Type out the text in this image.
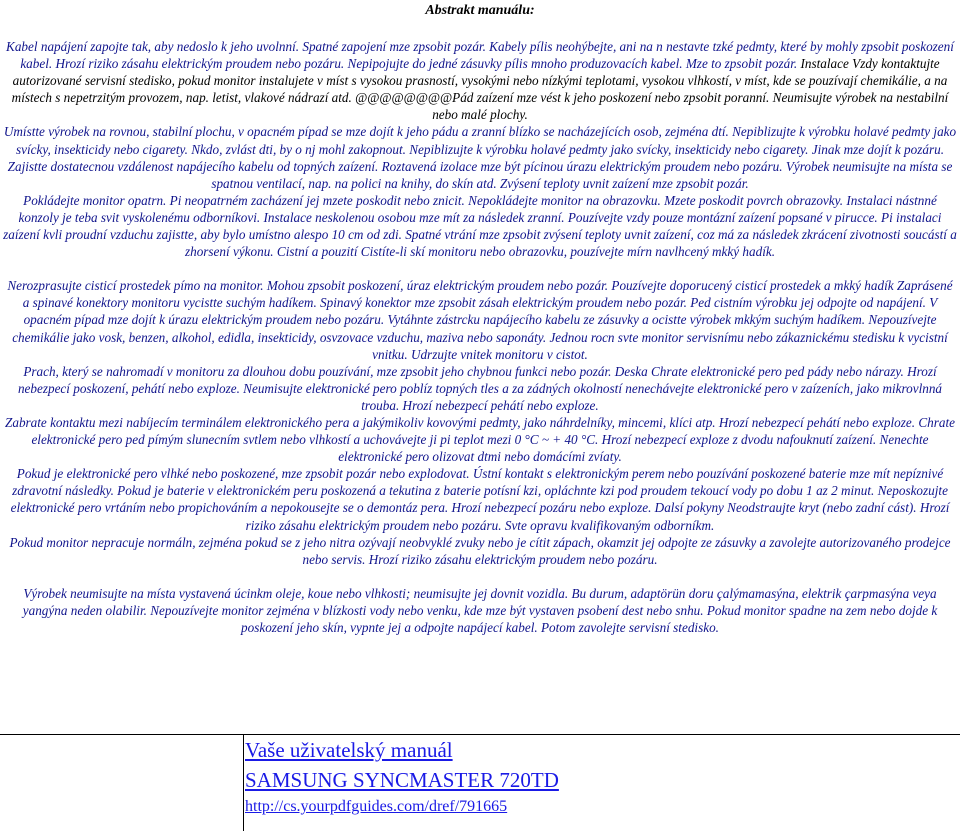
Abstrakt manuálu:

Kabel napájení zapojte tak, aby nedoslo k jeho uvolnní. Spatné zapojení mze zpsobit pozár. Kabely pílis neohýbejte, ani na n nestavte tzké pedmty, které by mohly zpsobit poskození kabel. Hrozí riziko zásahu elektrickým proudem nebo pozáru. Nepipojujte do jedné zásuvky pílis mnoho produzovacích kabel. Mze to zpsobit pozár. Instalace Vzdy kontaktujte autorizované servisní stedisko, pokud monitor instalujete v míst s vysokou prasností, vysokými nebo nízkými teplotami, vysokou vlhkostí, v míst, kde se pouzívají chemikálie, a na místech s nepetrzitým provozem, nap. letist, vlakové nádrazí atd. @@@@@@@@Pád zaízení mze vést k jeho poskození nebo zpsobit poranní. Neumisujte výrobek na nestabilní nebo malé plochy.

Umístte výrobek na rovnou, stabilní plochu, v opacném pípad se mze dojít k jeho pádu a zranní blízko se nacházejících osob, zejména dtí. Nepiblizujte k výrobku holavé pedmty jako svícky, insekticidy nebo cigarety. Nkdo, zvlást dti, by o nj mohl zakopnout. Nepiblizujte k výrobku holavé pedmty jako svícky, insekticidy nebo cigarety. Jinak mze dojít k pozáru.

Zajistte dostatecnou vzdálenost napájecího kabelu od topných zaízení. Roztavená izolace mze být pícinou úrazu elektrickým proudem nebo pozáru. Výrobek neumisujte na místa se spatnou ventilací, nap. na polici na knihy, do skín atd. Zvýsení teploty uvnit zaízení mze zpsobit pozár.

Pokládejte monitor opatrn. Pi neopatrném zacházení jej mzete poskodit nebo znicit. Nepokládejte monitor na obrazovku. Mzete poskodit povrch obrazovky. Instalaci nástnné konzoly je teba svit vyskolenému odborníkovi. Instalace neskolenou osobou mze mít za následek zranní. Pouzívejte vzdy pouze montázní zaízení popsané v pirucce. Pi instalaci zaízení kvli proudní vzduchu zajistte, aby bylo umístno alespo 10 cm od zdi. Spatné vtrání mze zpsobit zvýsení teploty uvnit zaízení, coz má za následek zkrácení zivotnosti soucástí a zhorsení výkonu. Cistní a pouzití Cistíte-li skí monitoru nebo obrazovku, pouzívejte mírn navlhcený mkký hadík.

Nerozprasujte cisticí prostedek pímo na monitor. Mohou zpsobit poskození, úraz elektrickým proudem nebo pozár. Pouzívejte doporucený cisticí prostedek a mkký hadík Zaprásené a spinavé konektory monitoru vycistte suchým hadíkem. Spinavý konektor mze zpsobit zásah elektrickým proudem nebo pozár. Ped cistním výrobku jej odpojte od napájení. V opacném pípad mze dojít k úrazu elektrickým proudem nebo pozáru. Vytáhnte zástrcku napájecího kabelu ze zásuvky a ocistte výrobek mkkým suchým hadíkem. Nepouzívejte chemikálie jako vosk, benzen, alkohol, edidla, insekticidy, osvzovace vzduchu, maziva nebo saponáty. Jednou rocn svte monitor servisnímu nebo zákaznickému stedisku k vycistní vnitku. Udrzujte vnitek monitoru v cistot.

Prach, který se nahromadí v monitoru za dlouhou dobu pouzívání, mze zpsobit jeho chybnou funkci nebo pozár. Deska Chrate elektronické pero ped pády nebo nárazy. Hrozí nebezpecí poskození, pehátí nebo exploze. Neumisujte elektronické pero poblíz topných tles a za zádných okolností nenechávejte elektronické pero v zaízeních, jako mikrovlnná trouba. Hrozí nebezpecí pehátí nebo exploze.

Zabrate kontaktu mezi nabíjecím terminálem elektronického pera a jakýmikoliv kovovými pedmty, jako náhrdelníky, mincemi, klíci atp. Hrozí nebezpecí pehátí nebo exploze. Chrate elektronické pero ped pímým slunecním svtlem nebo vlhkostí a uchovávejte ji pi teplot mezi 0 °C ~ + 40 °C. Hrozí nebezpecí exploze z dvodu nafouknutí zaízení. Nenechte elektronické pero olizovat dtmi nebo domácími zvíaty.

Pokud je elektronické pero vlhké nebo poskozené, mze zpsobit pozár nebo explodovat. Ústní kontakt s elektronickým perem nebo pouzívání poskozené baterie mze mít nepíznivé zdravotní následky. Pokud je baterie v elektronickém peru poskozená a tekutina z baterie potísní kzi, opláchnte kzi pod proudem tekoucí vody po dobu 1 az 2 minut. Neposkozujte elektronické pero vrtáním nebo propichováním a nepokousejte se o demontáz pera. Hrozí nebezpecí pozáru nebo exploze. Dalsí pokyny Neodstraujte kryt (nebo zadní cást). Hrozí riziko zásahu elektrickým proudem nebo pozáru. Svte opravu kvalifikovaným odborníkm.

Pokud monitor nepracuje normáln, zejména pokud se z jeho nitra ozývají neobvyklé zvuky nebo je cítit zápach, okamzit jej odpojte ze zásuvky a zavolejte autorizovaného prodejce nebo servis. Hrozí riziko zásahu elektrickým proudem nebo pozáru.

Výrobek neumisujte na místa vystavená úcinkm oleje, koue nebo vlhkosti; neumisujte jej dovnit vozidla. Bu durum, adaptörün doru çalýmamasýna, elektrik çarpmasýna veya yangýna neden olabilir. Nepouzívejte monitor zejména v blízkosti vody nebo venku, kde mze být vystaven psobení dest nebo snhu. Pokud monitor spadne na zem nebo dojde k poskození jeho skín, vypnte jej a odpojte napájecí kabel. Potom zavolejte servisní stedisko.

Vaše uživatelský manuál
SAMSUNG SYNCMASTER 720TD
http://cs.yourpdfguides.com/dref/791665
